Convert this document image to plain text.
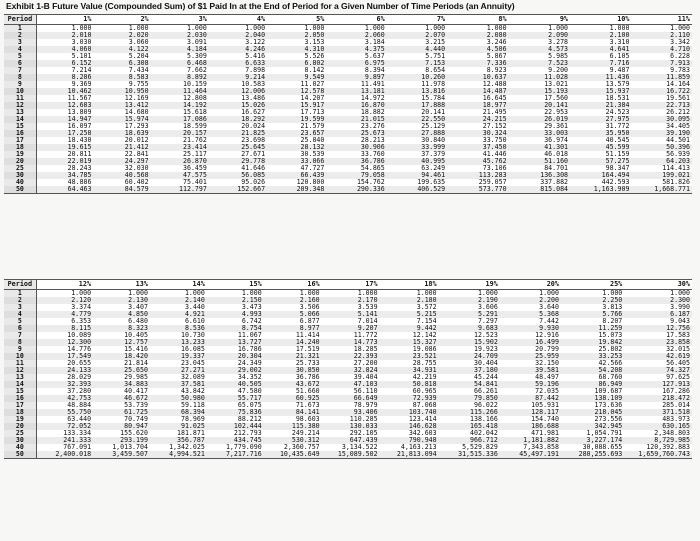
Exhibit 1-B Future Value (Compounded Sum) of $1 Paid In at the End of Period for a Given Number of Time Periods (an Annuity)
Period	1%	2%	3%	4%	5%	6%	7%	8%	9%	10%	11%
1	1.000	1.000	1.000	1.000	1.000	1.000	1.000	1.000	1.000	1.000	1.000
2	2.010	2.020	2.030	2.040	2.050	2.060	2.070	2.080	2.090	2.100	2.110
3	3.030	3.060	3.091	3.122	3.153	3.184	3.215	3.246	3.278	3.310	3.342
4	4.060	4.122	4.184	4.246	4.310	4.375	4.440	4.506	4.573	4.641	4.710
5	5.101	5.204	5.309	5.416	5.526	5.637	5.751	5.867	5.985	6.105	6.228
6	6.152	6.308	6.468	6.633	6.802	6.975	7.153	7.336	7.523	7.716	7.913
7	7.214	7.434	7.662	7.898	8.142	8.394	8.654	8.923	9.200	9.487	9.783
8	8.286	8.583	8.892	9.214	9.549	9.897	10.260	10.637	11.028	11.436	11.859
9	9.369	9.755	10.159	10.583	11.027	11.491	11.978	12.488	13.021	13.579	14.164
10	10.462	10.950	11.464	12.006	12.578	13.181	13.816	14.487	15.193	15.937	16.722
11	11.567	12.169	12.808	13.486	14.207	14.972	15.784	16.645	17.560	18.531	19.561
12	12.683	13.412	14.192	15.026	15.917	16.870	17.888	18.977	20.141	21.384	22.713
13	13.809	14.680	15.618	16.627	17.713	18.882	20.141	21.495	22.953	24.523	26.212
14	14.947	15.974	17.086	18.292	19.599	21.015	22.550	24.215	26.019	27.975	30.095
15	16.097	17.293	18.599	20.024	21.579	23.276	25.129	27.152	29.361	31.772	34.405
16	17.258	18.639	20.157	21.825	23.657	25.673	27.888	30.324	33.003	35.950	39.190
17	18.430	20.012	21.762	23.698	25.840	28.213	30.840	33.750	36.974	40.545	44.501
18	19.615	21.412	23.414	25.645	28.132	30.906	33.999	37.450	41.301	45.599	50.396
19	20.811	22.841	25.117	27.671	30.539	33.760	37.379	41.446	46.018	51.159	56.939
20	22.019	24.297	26.870	29.778	33.066	36.786	40.995	45.762	51.160	57.275	64.203
25	28.243	32.030	36.459	41.646	47.727	54.865	63.249	73.106	84.701	98.347	114.413
30	34.785	40.568	47.575	56.085	66.439	79.058	94.461	113.283	136.308	164.494	199.021
40	48.886	60.402	75.401	95.026	120.800	154.762	199.635	259.057	337.882	442.593	581.826
50	64.463	84.579	112.797	152.667	209.348	290.336	406.529	573.770	815.084	1,163.909	1,668.771
Period	12%	13%	14%	15%	16%	17%	18%	19%	20%	25%	30%
1	1.000	1.000	1.000	1.000	1.000	1.000	1.000	1.000	1.000	1.000	1.000
2	2.120	2.130	2.140	2.150	2.160	2.170	2.180	2.190	2.200	2.250	2.300
3	3.374	3.407	3.440	3.473	3.506	3.539	3.572	3.606	3.640	3.813	3.990
4	4.779	4.850	4.921	4.993	5.066	5.141	5.215	5.291	5.368	5.766	6.187
5	6.353	6.480	6.610	6.742	6.877	7.014	7.154	7.297	7.442	8.207	9.043
6	8.115	8.323	8.536	8.754	8.977	9.207	9.442	9.683	9.930	11.259	12.756
7	10.089	10.405	10.730	11.067	11.414	11.772	12.142	12.523	12.916	15.073	17.583
8	12.300	12.757	13.233	13.727	14.240	14.773	15.327	15.902	16.499	19.842	23.858
9	14.776	15.416	16.085	16.786	17.519	18.285	19.086	19.923	20.799	25.802	32.015
10	17.549	18.420	19.337	20.304	21.321	22.393	23.521	24.709	25.959	33.253	42.619
11	20.655	21.814	23.045	24.349	25.733	27.200	28.755	30.404	32.150	42.566	56.405
12	24.133	25.650	27.271	29.002	30.850	32.824	34.931	37.180	39.581	54.208	74.327
13	28.029	29.985	32.089	34.352	36.786	39.404	42.219	45.244	48.497	68.760	97.625
14	32.393	34.883	37.581	40.505	43.672	47.103	50.818	54.841	59.196	86.949	127.913
15	37.280	40.417	43.842	47.580	51.660	56.110	60.965	66.261	72.035	109.687	167.286
16	42.753	46.672	50.980	55.717	60.925	66.649	72.939	79.850	87.442	138.109	218.472
17	48.884	53.739	59.118	65.075	71.673	78.979	87.068	96.022	105.931	173.636	285.014
18	55.750	61.725	68.394	75.836	84.141	93.406	103.740	115.266	128.117	218.045	371.518
19	63.440	70.749	78.969	88.212	98.603	110.285	123.414	138.166	154.740	273.556	483.973
20	72.052	80.947	91.025	102.444	115.380	130.033	146.628	165.418	186.688	342.945	630.165
25	133.334	155.620	181.871	212.793	249.214	292.105	342.603	402.042	471.981	1,054.791	2,348.803
30	241.333	293.199	356.787	434.745	530.312	647.439	790.948	966.712	1,181.882	3,227.174	8,729.985
40	767.091	1,013.704	1,342.025	1,779.090	2,360.757	3,134.522	4,163.213	5,529.829	7,343.858	30,088.655	120,392.883
50	2,400.018	3,459.507	4,994.521	7,217.716	10,435.649	15,089.502	21,813.094	31,515.336	45,497.191	280,255.693	1,659,760.743
